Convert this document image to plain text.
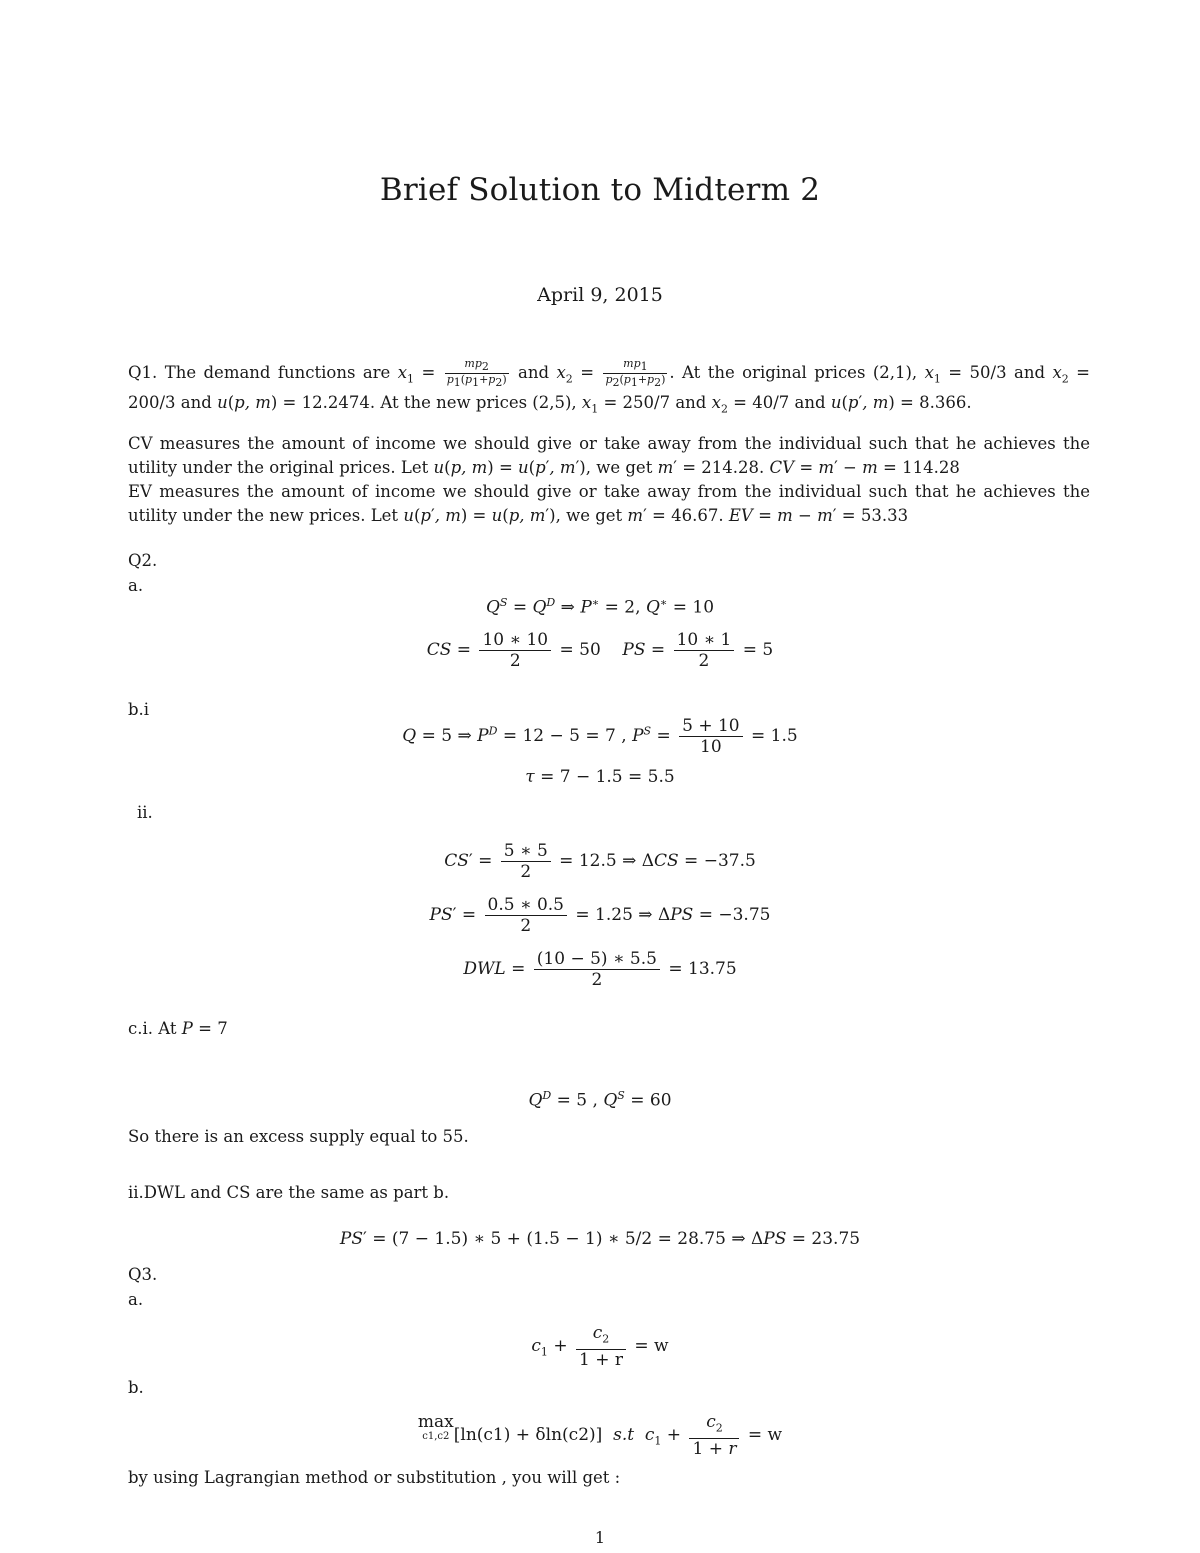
Brief Solution to Midterm 2
April 9, 2015
Q1. The demand functions are $x_1 = \frac{mp_2}{p_1(p_1+p_2)}$ and $x_2 = \frac{mp_1}{p_2(p_1+p_2)}$ . At the original prices (2,1), $x_1 = 50/3$ and $x_2 = 200/3$ and u(p, m) = 12.2474. At the new prices (2,5), $x_1 = 250/7$ and $x_2 = 40/7$ and u(p′, m) = 8.366.
CV measures the amount of income we should give or take away from the individual such that he achieves the utility under the original prices. Let u(p, m) = u(p′, m′), we get m′ = 214.28. CV = m′ − m = 114.28
EV measures the amount of income we should give or take away from the individual such that he achieves the utility under the new prices. Let u(p′, m) = u(p, m′), we get m′ = 46.67. EV = m − m′ = 53.33
Q2.
a.
$Q^S = Q^D$ ⇒ P∗ = 2, Q∗ = 10
CS = $\frac{10 ∗ 10}{2} = 50$ PS = $\frac{10 ∗ 1}{2} = 5$
b.i
Q = 5 ⇒ $P^D = 12 - 5 = 7$ , $P^S = \frac{5 + 10}{10} = 1.5$
τ = 7 − 1.5 = 5.5
ii.
$CS' = \frac{5 ∗ 5}{2} = 12.5$ ⇒ ΔCS = −37.5
$PS' = \frac{0.5 ∗ 0.5}{2} = 1.25$ ⇒ ΔPS = −3.75
DWL = $\frac{(10 - 5) ∗ 5.5}{2} = 13.75$
c.i. At P = 7
$Q^D = 5$ , $Q^S = 60$
So there is an excess supply equal to 55.
ii.DWL and CS are the same as part b.
PS′ = (7 − 1.5) ∗ 5 + (1.5 − 1) ∗ 5/2 = 28.75 ⇒ ΔPS = 23.75
Q3.
a.
$c_1 + \frac{c_2}{1 + r} = w$
b.
max
c1,c2 [ln(c1) + δln(c2)] s.t $c_1 + \frac{c_2}{1 + r} = w$
by using Lagrangian method or substitution , you will get :
1
